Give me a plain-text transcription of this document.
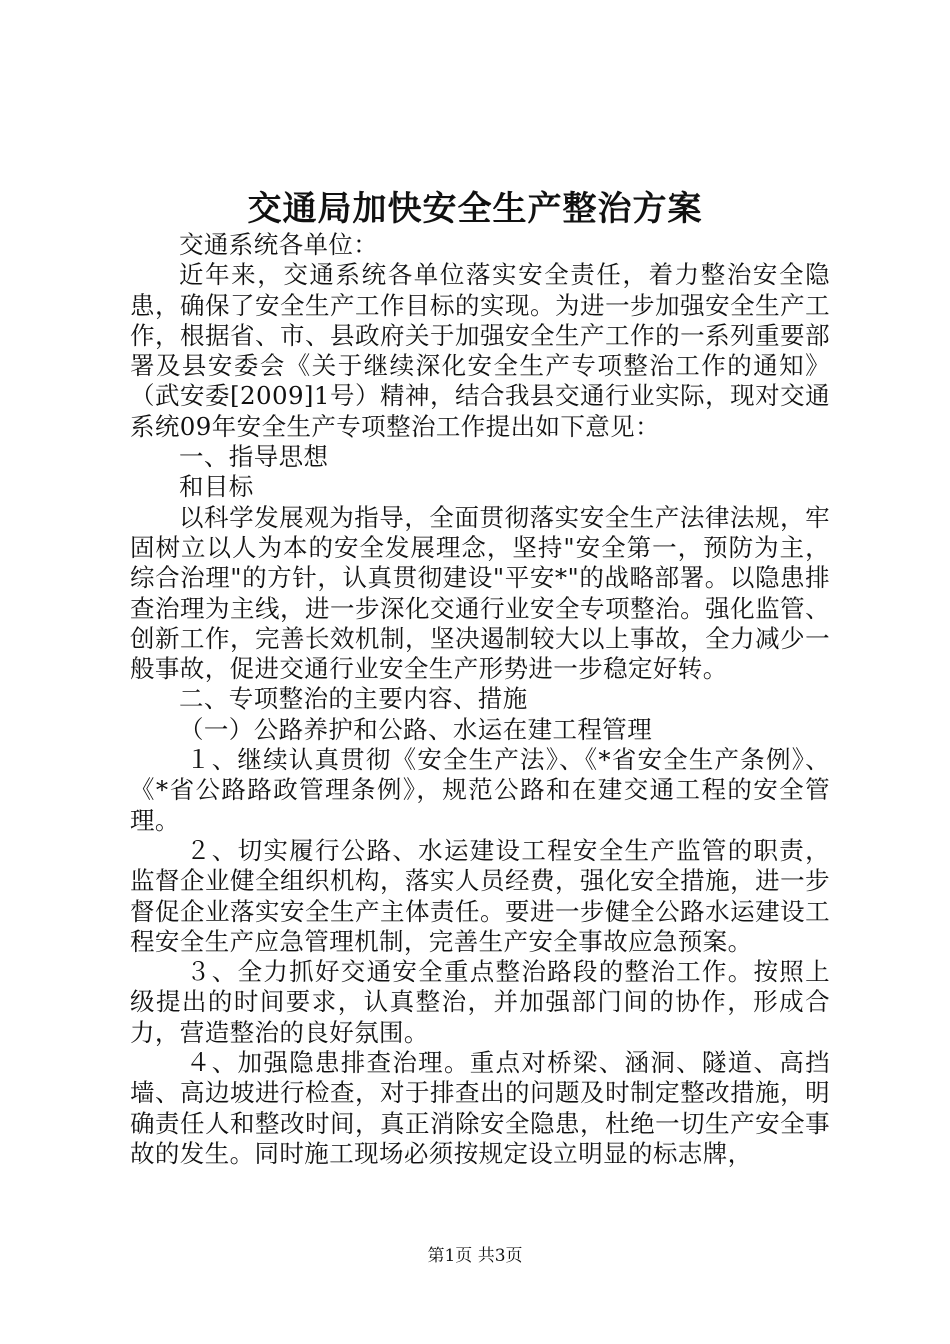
交通局加快安全生产整治方案

交通系统各单位：

近年来，交通系统各单位落实安全责任，着力整治安全隐患，确保了安全生产工作目标的实现。为进一步加强安全生产工作，根据省、市、县政府关于加强安全生产工作的一系列重要部署及县安委会《关于继续深化安全生产专项整治工作的通知》（武安委[2009]1号）精神，结合我县交通行业实际，现对交通系统09年安全生产专项整治工作提出如下意见：

一、指导思想

和目标

以科学发展观为指导，全面贯彻落实安全生产法律法规，牢固树立以人为本的安全发展理念，坚持"安全第一，预防为主，综合治理"的方针，认真贯彻建设"平安*"的战略部署。以隐患排查治理为主线，进一步深化交通行业安全专项整治。强化监管、创新工作，完善长效机制，坚决遏制较大以上事故，全力减少一般事故，促进交通行业安全生产形势进一步稳定好转。

二、专项整治的主要内容、措施

（一）公路养护和公路、水运在建工程管理

１、继续认真贯彻《安全生产法》、《*省安全生产条例》、《*省公路路政管理条例》，规范公路和在建交通工程的安全管理。

２、切实履行公路、水运建设工程安全生产监管的职责，监督企业健全组织机构，落实人员经费，强化安全措施，进一步督促企业落实安全生产主体责任。要进一步健全公路水运建设工程安全生产应急管理机制，完善生产安全事故应急预案。

３、全力抓好交通安全重点整治路段的整治工作。按照上级提出的时间要求，认真整治，并加强部门间的协作，形成合力，营造整治的良好氛围。

４、加强隐患排查治理。重点对桥梁、涵洞、隧道、高挡墙、高边坡进行检查，对于排查出的问题及时制定整改措施，明确责任人和整改时间，真正消除安全隐患，杜绝一切生产安全事故的发生。同时施工现场必须按规定设立明显的标志牌，

第1页 共3页
